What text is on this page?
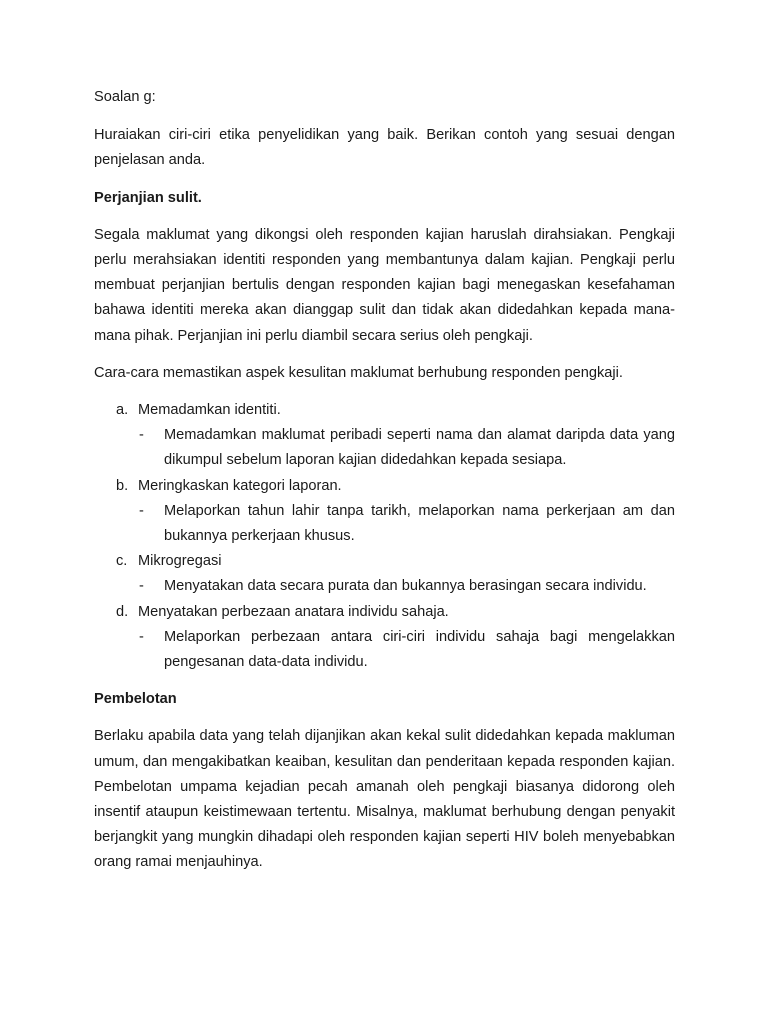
Soalan g:

Huraiakan ciri-ciri etika penyelidikan yang baik. Berikan contoh yang sesuai dengan penjelasan anda.

Perjanjian sulit.

Segala maklumat yang dikongsi oleh responden kajian haruslah dirahsiakan. Pengkaji perlu merahsiakan identiti responden yang membantunya dalam kajian. Pengkaji perlu membuat perjanjian bertulis dengan responden kajian bagi menegaskan kesefahaman bahawa identiti mereka akan dianggap sulit dan tidak akan didedahkan kepada mana-mana pihak. Perjanjian ini perlu diambil secara serius oleh pengkaji.

Cara-cara memastikan aspek kesulitan maklumat berhubung responden pengkaji.

a. Memadamkan identiti.
- Memadamkan maklumat peribadi seperti nama dan alamat daripda data yang dikumpul sebelum laporan kajian didedahkan kepada sesiapa.
b. Meringkaskan kategori laporan.
- Melaporkan tahun lahir tanpa tarikh, melaporkan nama perkerjaan am dan bukannya perkerjaan khusus.
c. Mikrogregasi
- Menyatakan data secara purata dan bukannya berasingan secara individu.
d. Menyatakan perbezaan anatara individu sahaja.
- Melaporkan perbezaan antara ciri-ciri individu sahaja bagi mengelakkan pengesanan data-data individu.

Pembelotan

Berlaku apabila data yang telah dijanjikan akan kekal sulit didedahkan kepada makluman umum, dan mengakibatkan keaiban, kesulitan dan penderitaan kepada responden kajian. Pembelotan umpama kejadian pecah amanah oleh pengkaji biasanya didorong oleh insentif ataupun keistimewaan tertentu. Misalnya, maklumat berhubung dengan penyakit berjangkit yang mungkin dihadapi oleh responden kajian seperti HIV boleh menyebabkan orang ramai menjauhinya.
